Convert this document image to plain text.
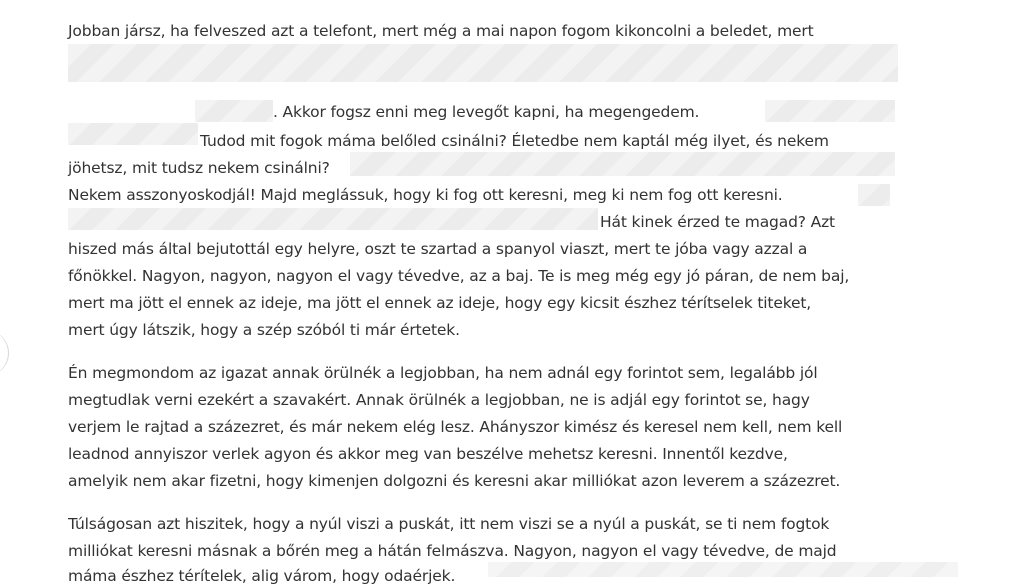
Jobban jársz, ha felveszed azt a telefont, mert még a mai napon fogom kikoncolni a beledet, mert
. Akkor fogsz enni meg levegőt kapni, ha megengedem.
Tudod mit fogok máma belőled csinálni? Életedbe nem kaptál még ilyet, és nekem
jöhetsz, mit tudsz nekem csinálni?
Nekem asszonyoskodjál! Majd meglássuk, hogy ki fog ott keresni, meg ki nem fog ott keresni.
Hát kinek érzed te magad? Azt
hiszed más által bejutottál egy helyre, oszt te szartad a spanyol viaszt, mert te jóba vagy azzal a
főnökkel. Nagyon, nagyon, nagyon el vagy tévedve, az a baj. Te is meg még egy jó páran, de nem baj,
mert ma jött el ennek az ideje, ma jött el ennek az ideje, hogy egy kicsit észhez térítselek titeket,
mert úgy látszik, hogy a szép szóból ti már értetek.
Én megmondom az igazat annak örülnék a legjobban, ha nem adnál egy forintot sem, legalább jól
megtudlak verni ezekért a szavakért. Annak örülnék a legjobban, ne is adjál egy forintot se, hagy
verjem le rajtad a százezret, és már nekem elég lesz. Ahányszor kimész és keresel nem kell, nem kell
leadnod annyiszor verlek agyon és akkor meg van beszélve mehetsz keresni. Innentől kezdve,
amelyik nem akar fizetni, hogy kimenjen dolgozni és keresni akar milliókat azon leverem a százezret.
Túlságosan azt hiszitek, hogy a nyúl viszi a puskát, itt nem viszi se a nyúl a puskát, se ti nem fogtok
milliókat keresni másnak a bőrén meg a hátán felmászva. Nagyon, nagyon el vagy tévedve, de majd
máma észhez térítelek, alig várom, hogy odaérjek.
